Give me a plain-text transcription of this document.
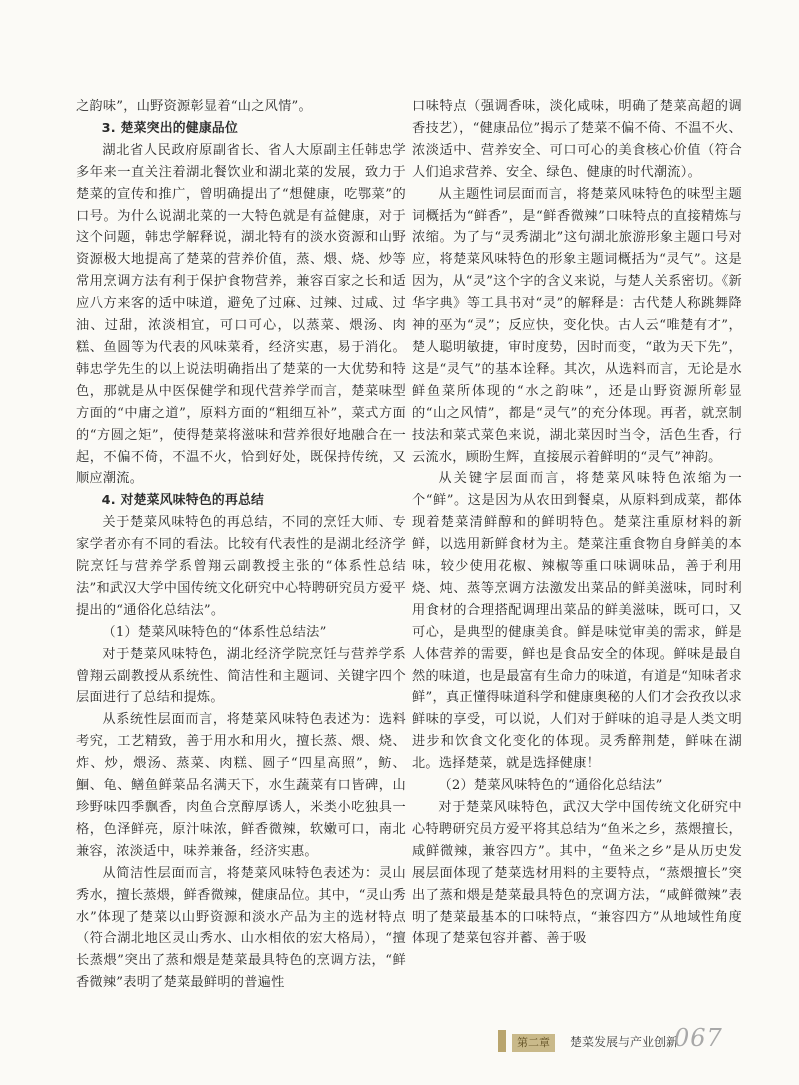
之韵味”，山野资源彰显着“山之风情”。

3. 楚菜突出的健康品位

湖北省人民政府原副省长、省人大原副主任韩忠学多年来一直关注着湖北餐饮业和湖北菜的发展，致力于楚菜的宣传和推广，曾明确提出了“想健康，吃鄂菜”的口号。为什么说湖北菜的一大特色就是有益健康，对于这个问题，韩忠学解释说，湖北特有的淡水资源和山野资源极大地提高了楚菜的营养价值，蒸、煨、烧、炒等常用烹调方法有利于保护食物营养，兼容百家之长和适应八方来客的适中味道，避免了过麻、过辣、过咸、过油、过甜，浓淡相宜，可口可心，以蒸菜、煨汤、肉糕、鱼圆等为代表的风味菜肴，经济实惠，易于消化。韩忠学先生的以上说法明确指出了楚菜的一大优势和特色，那就是从中医保健学和现代营养学而言，楚菜味型方面的“中庸之道”，原料方面的“粗细互补”，菜式方面的“方圆之矩”，使得楚菜将滋味和营养很好地融合在一起，不偏不倚，不温不火，恰到好处，既保持传统，又顺应潮流。

4. 对楚菜风味特色的再总结

关于楚菜风味特色的再总结，不同的烹饪大师、专家学者亦有不同的看法。比较有代表性的是湖北经济学院烹饪与营养学系曾翔云副教授主张的“体系性总结法”和武汉大学中国传统文化研究中心特聘研究员方爱平提出的“通俗化总结法”。

（1）楚菜风味特色的“体系性总结法”

对于楚菜风味特色，湖北经济学院烹饪与营养学系曾翔云副教授从系统性、简洁性和主题词、关键字四个层面进行了总结和提炼。

从系统性层面而言，将楚菜风味特色表述为：选料考究，工艺精致，善于用水和用火，擅长蒸、煨、烧、炸、炒，煨汤、蒸菜、肉糕、圆子“四星高照”，鲂、鮰、龟、鳝鱼鲜菜品名满天下，水生蔬菜有口皆碑，山珍野味四季飘香，肉鱼合烹醇厚诱人，米类小吃独具一格，色泽鲜亮，原汁味浓，鲜香微辣，软嫩可口，南北兼容，浓淡适中，味养兼备，经济实惠。

从简洁性层面而言，将楚菜风味特色表述为：灵山秀水，擅长蒸煨，鲜香微辣，健康品位。其中，“灵山秀水”体现了楚菜以山野资源和淡水产品为主的选材特点（符合湖北地区灵山秀水、山水相依的宏大格局），“擅长蒸煨”突出了蒸和煨是楚菜最具特色的烹调方法，“鲜香微辣”表明了楚菜最鲜明的普遍性

口味特点（强调香味，淡化咸味，明确了楚菜高超的调香技艺），“健康品位”揭示了楚菜不偏不倚、不温不火、浓淡适中、营养安全、可口可心的美食核心价值（符合人们追求营养、安全、绿色、健康的时代潮流）。

从主题性词层面而言，将楚菜风味特色的味型主题词概括为“鲜香”，是“鲜香微辣”口味特点的直接精炼与浓缩。为了与“灵秀湖北”这句湖北旅游形象主题口号对应，将楚菜风味特色的形象主题词概括为“灵气”。这是因为，从“灵”这个字的含义来说，与楚人关系密切。《新华字典》等工具书对“灵”的解释是：古代楚人称跳舞降神的巫为“灵”；反应快，变化快。古人云“唯楚有才”，楚人聪明敏捷，审时度势，因时而变，“敢为天下先”，这是“灵气”的基本诠释。其次，从选料而言，无论是水鲜鱼菜所体现的“水之韵味”，还是山野资源所彰显的“山之风情”，都是“灵气”的充分体现。再者，就烹制技法和菜式菜色来说，湖北菜因时当令，活色生香，行云流水，顾盼生辉，直接展示着鲜明的“灵气”神韵。

从关键字层面而言，将楚菜风味特色浓缩为一个“鲜”。这是因为从农田到餐桌，从原料到成菜，都体现着楚菜清鲜醇和的鲜明特色。楚菜注重原材料的新鲜，以选用新鲜食材为主。楚菜注重食物自身鲜美的本味，较少使用花椒、辣椒等重口味调味品，善于利用烧、炖、蒸等烹调方法激发出菜品的鲜美滋味，同时利用食材的合理搭配调理出菜品的鲜美滋味，既可口，又可心，是典型的健康美食。鲜是味觉审美的需求，鲜是人体营养的需要，鲜也是食品安全的体现。鲜味是最自然的味道，也是最富有生命力的味道，有道是“知味者求鲜”，真正懂得味道科学和健康奥秘的人们才会孜孜以求鲜味的享受，可以说，人们对于鲜味的追寻是人类文明进步和饮食文化变化的体现。灵秀醉荆楚，鲜味在湖北。选择楚菜，就是选择健康！

（2）楚菜风味特色的“通俗化总结法”

对于楚菜风味特色，武汉大学中国传统文化研究中心特聘研究员方爱平将其总结为“鱼米之乡，蒸煨擅长，咸鲜微辣，兼容四方”。其中，“鱼米之乡”是从历史发展层面体现了楚菜选材用料的主要特点，“蒸煨擅长”突出了蒸和煨是楚菜最具特色的烹调方法，“咸鲜微辣”表明了楚菜最基本的口味特点，“兼容四方”从地域性角度体现了楚菜包容并蓄、善于吸

第二章	楚菜发展与产业创新
067
